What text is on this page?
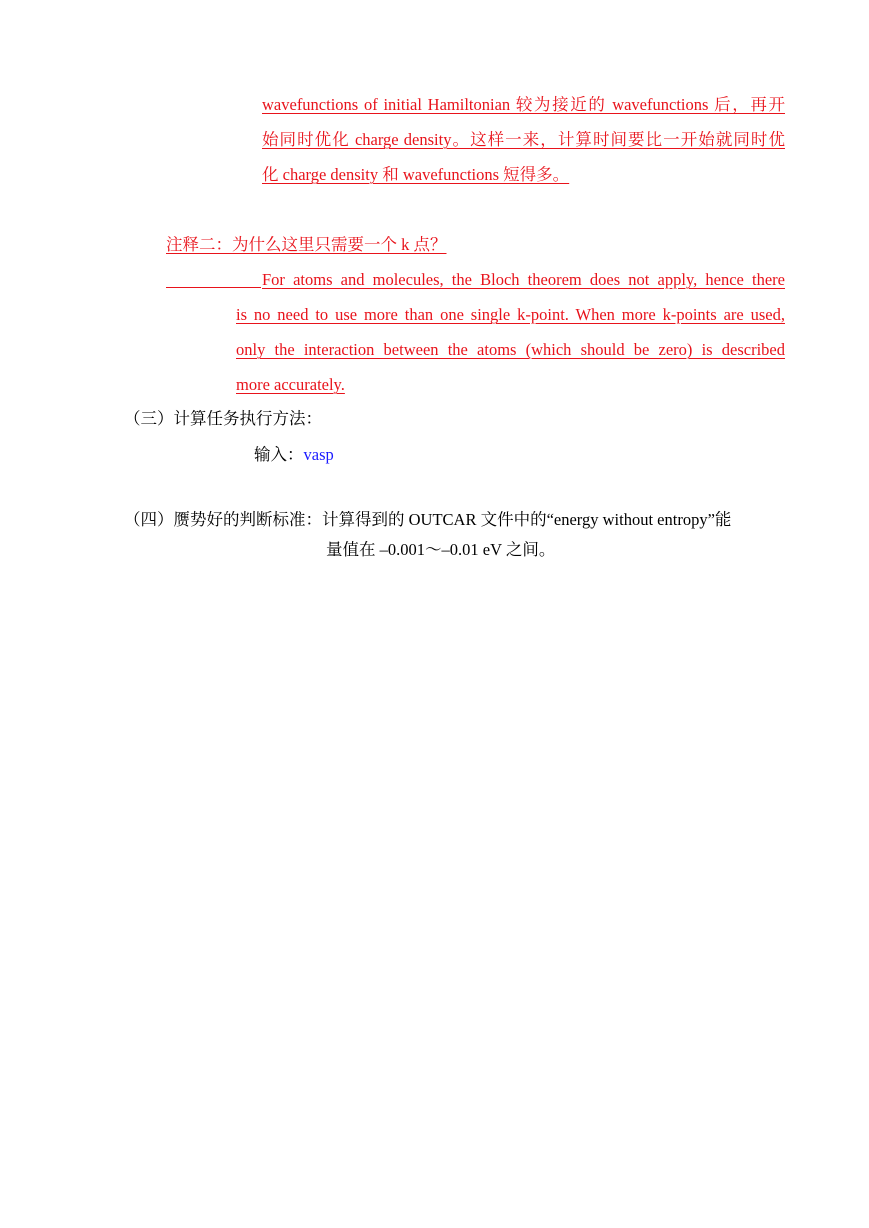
wavefunctions of initial Hamiltonian 较为接近的 wavefunctions 后，再开
始同时优化 charge density。这样一来，计算时间要比一开始就同时优
化 charge density 和 wavefunctions 短得多。
注释二：为什么这里只需要一个 k 点？
For atoms and molecules, the Bloch theorem does not apply, hence there
is no need to use more than one single k-point. When more k-points are used,
only the interaction between the atoms (which should be zero) is described
more accurately.
（三）计算任务执行方法：
输入：vasp
（四）赝势好的判断标准：计算得到的 OUTCAR 文件中的“energy without entropy”能
量值在 –0.001～–0.01 eV 之间。
